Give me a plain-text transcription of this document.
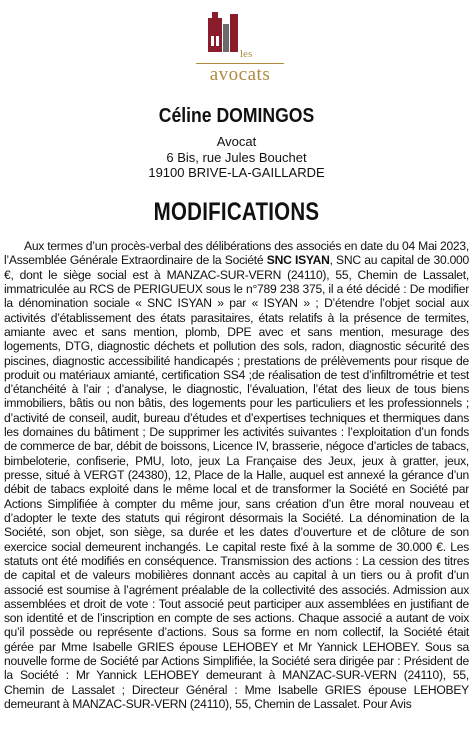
les
avocats
Céline DOMINGOS
Avocat
6 Bis, rue Jules Bouchet
19100 BRIVE-LA-GAILLARDE
MODIFICATIONS
Aux termes d’un procès-verbal des délibérations des associés en date du 04 Mai 2023, l’Assemblée Générale Extraordinaire de la Société SNC ISYAN, SNC au capital de 30.000 €, dont le siège social est à MANZAC-SUR-VERN (24110), 55, Chemin de Lassalet, immatriculée au RCS de PERIGUEUX sous le n°789 238 375, il a été décidé : De modifier la dénomination sociale « SNC ISYAN » par « ISYAN » ; D’étendre l’objet social aux activités d’établissement des états parasitaires, états relatifs à la présence de termites, amiante avec et sans mention, plomb, DPE avec et sans mention, mesurage des logements, DTG, diagnostic déchets et pollution des sols, radon, diagnostic sécurité des piscines, diagnostic accessibilité handicapés ; prestations de prélèvements pour risque de produit ou matériaux amianté, certification SS4 ;de réalisation de test d’infiltrométrie et test d’étanchéité à l’air ; d’analyse, le diagnostic, l’évaluation, l’état des lieux de tous biens immobiliers, bâtis ou non bâtis, des logements pour les particuliers et les professionnels ; d’activité de conseil, audit, bureau d’études et d’expertises techniques et thermiques dans les domaines du bâtiment ; De supprimer les activités suivantes : l’exploitation d’un fonds de commerce de bar, débit de boissons, Licence IV, brasserie, négoce d’articles de tabacs, bimbeloterie, confiserie, PMU, loto, jeux La Française des Jeux, jeux à gratter, jeux, presse, situé à VERGT (24380), 12, Place de la Halle, auquel est annexé la gérance d’un débit de tabacs exploité dans le même local et de transformer la Société en Société par Actions Simplifiée à compter du même jour, sans création d’un être moral nouveau et d’adopter le texte des statuts qui régiront désormais la Société. La dénomination de la Société, son objet, son siège, sa durée et les dates d’ouverture et de clôture de son exercice social demeurent inchangés. Le capital reste fixé à la somme de 30.000 €. Les statuts ont été modifiés en conséquence. Transmission des actions : La cession des titres de capital et de valeurs mobilières donnant accès au capital à un tiers ou à profit d’un associé est soumise à l’agrément préalable de la collectivité des associés. Admission aux assemblées et droit de vote : Tout associé peut participer aux assemblées en justifiant de son identité et de l’inscription en compte de ses actions. Chaque associé a autant de voix qu’il possède ou représente d’actions. Sous sa forme en nom collectif, la Société était gérée par Mme Isabelle GRIES épouse LEHOBEY et Mr Yannick LEHOBEY. Sous sa nouvelle forme de Société par Actions Simplifiée, la Société sera dirigée par : Président de la Société : Mr Yannick LEHOBEY demeurant à MANZAC-SUR-VERN (24110), 55, Chemin de Lassalet ; Directeur Général : Mme Isabelle GRIES épouse LEHOBEY demeurant à MANZAC-SUR-VERN (24110), 55, Chemin de Lassalet. Pour Avis
